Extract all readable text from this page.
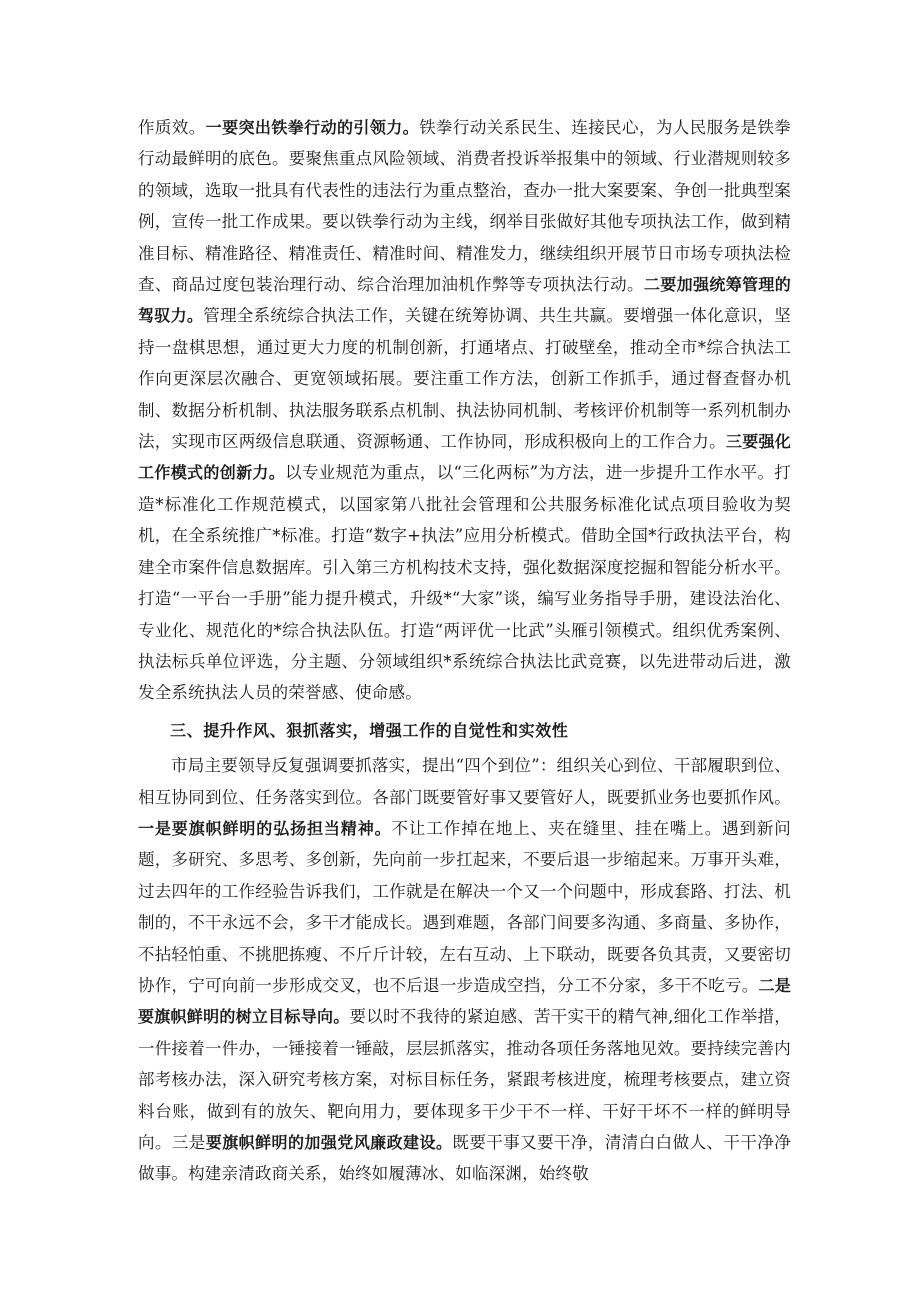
作质效。一要突出铁拳行动的引领力。铁拳行动关系民生、连接民心，为人民服务是铁拳行动最鲜明的底色。要聚焦重点风险领域、消费者投诉举报集中的领域、行业潜规则较多的领域，选取一批具有代表性的违法行为重点整治，查办一批大案要案、争创一批典型案例，宣传一批工作成果。要以铁拳行动为主线，纲举目张做好其他专项执法工作，做到精准目标、精准路径、精准责任、精准时间、精准发力，继续组织开展节日市场专项执法检查、商品过度包装治理行动、综合治理加油机作弊等专项执法行动。二要加强统筹管理的驾驭力。管理全系统综合执法工作，关键在统筹协调、共生共赢。要增强一体化意识，坚持一盘棋思想，通过更大力度的机制创新，打通堵点、打破壁垒，推动全市*综合执法工作向更深层次融合、更宽领域拓展。要注重工作方法，创新工作抓手，通过督查督办机制、数据分析机制、执法服务联系点机制、执法协同机制、考核评价机制等一系列机制办法，实现市区两级信息联通、资源畅通、工作协同，形成积极向上的工作合力。三要强化工作模式的创新力。以专业规范为重点，以“三化两标”为方法，进一步提升工作水平。打造*标准化工作规范模式，以国家第八批社会管理和公共服务标准化试点项目验收为契机，在全系统推广*标准。打造“数字+执法”应用分析模式。借助全国*行政执法平台，构建全市案件信息数据库。引入第三方机构技术支持，强化数据深度挖掘和智能分析水平。打造“一平台一手册”能力提升模式，升级*“大家”谈，编写业务指导手册，建设法治化、专业化、规范化的*综合执法队伍。打造“两评优一比武”头雁引领模式。组织优秀案例、执法标兵单位评选，分主题、分领域组织*系统综合执法比武竞赛，以先进带动后进，激发全系统执法人员的荣誉感、使命感。

三、提升作风、狠抓落实，增强工作的自觉性和实效性

市局主要领导反复强调要抓落实，提出“四个到位”：组织关心到位、干部履职到位、相互协同到位、任务落实到位。各部门既要管好事又要管好人，既要抓业务也要抓作风。一是要旗帜鲜明的弘扬担当精神。不让工作掉在地上、夹在缝里、挂在嘴上。遇到新问题，多研究、多思考、多创新，先向前一步扛起来，不要后退一步缩起来。万事开头难，过去四年的工作经验告诉我们，工作就是在解决一个又一个问题中，形成套路、打法、机制的，不干永远不会，多干才能成长。遇到难题，各部门间要多沟通、多商量、多协作，不拈轻怕重、不挑肥拣瘦、不斤斤计较，左右互动、上下联动，既要各负其责，又要密切协作，宁可向前一步形成交叉，也不后退一步造成空挡，分工不分家，多干不吃亏。二是要旗帜鲜明的树立目标导向。要以时不我待的紧迫感、苦干实干的精气神,细化工作举措，一件接着一件办，一锤接着一锤敲，层层抓落实，推动各项任务落地见效。要持续完善内部考核办法，深入研究考核方案，对标目标任务，紧跟考核进度，梳理考核要点，建立资料台账，做到有的放矢、靶向用力，要体现多干少干不一样、干好干坏不一样的鲜明导向。三是要旗帜鲜明的加强党风廉政建设。既要干事又要干净，清清白白做人、干干净净做事。构建亲清政商关系，始终如履薄冰、如临深渊，始终敬
